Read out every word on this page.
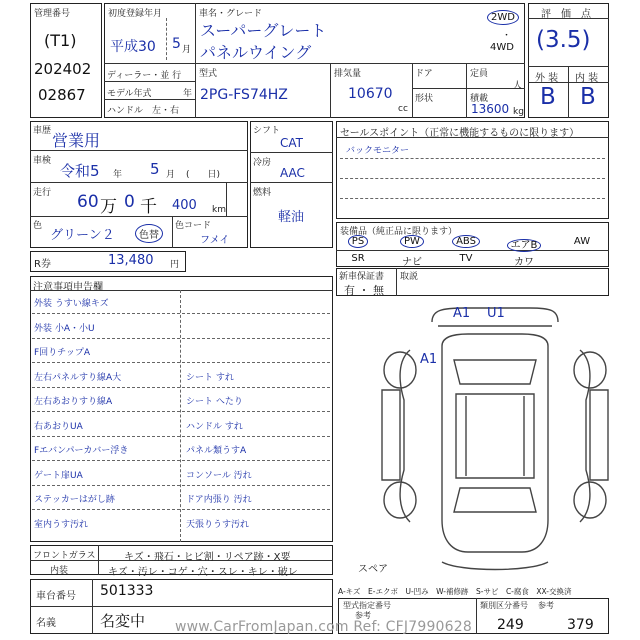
管理番号
(T1)
202402
02867
初度登録年月
平成30 5 月
車名・グレード
スーパーグレート
パネルウイング
2WD
・
4WD
ディーラー・並 行
モデル年式	年
ハンドル　左・右
型式
2PG-FS74HZ
排気量
10670
cc
ドア	定員
人
形状	積載
13600 kg
評　価　点
(3.5)
外 装 内 装
B B
車歴 営業用
車検
令和5 年 5 月 (　　日)
走行 60 万 0 千 400 km
色
グリーン２	色替
色コード
フメイ
シフト
CAT
冷房
AAC
燃料
軽油
セールスポイント（正常に機能するものに限ります）
バックモニター
装備品（純正品に限ります）
PS	PW	ABS	エアB	AW
SR	ナビ	TV	カワ
新車保証書
有 ・ 無
取説
R券	13,480 円
注意事項申告欄
外装 うすい線キズ
外装 小A・小U
F回りチップA
左右パネルすり線A大	シート すれ
左右あおりすり線A	シート へたり
右あおりUA	ハンドル すれ
Fエバンパーカバー浮き	パネル類うすA
ゲート扉UA	コンソール 汚れ
ステッカーはがし跡	ドア内張り 汚れ
室内うす汚れ	天張りうす汚れ
A1 U1
A1
スペア
フロントガラス	キズ・飛石・ヒビ割・リペア跡・X要
内装	キズ・汚レ・コゲ・穴・スレ・キレ・破レ
車台番号 501333
名義	名変中
A-キズ　E-エクボ　U-凹み　W-補修跡　S-サビ　C-腐食　XX-交換済
型式指定番号
参考
類別区分番号 参考
249	379
www.CarFromJapan.com Ref: CFJ7990628
